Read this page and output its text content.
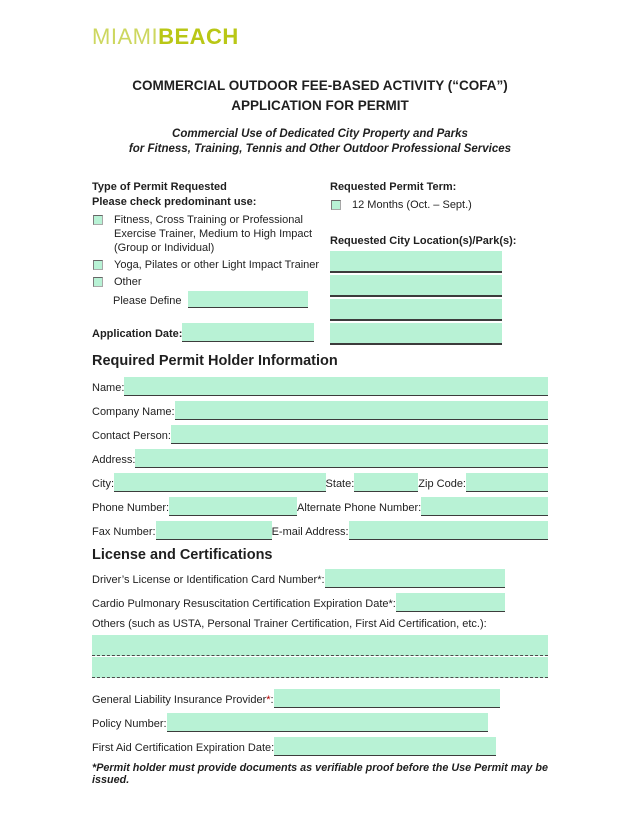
MIAMIBEACH
COMMERCIAL OUTDOOR FEE-BASED ACTIVITY (“COFA”)
APPLICATION FOR PERMIT
Commercial Use of Dedicated City Property and Parks
for Fitness, Training, Tennis and Other Outdoor Professional Services
Type of Permit Requested
Please check predominant use:
Fitness, Cross Training or Professional Exercise Trainer, Medium to High Impact (Group or Individual)
Yoga, Pilates or other Light Impact Trainer
Other
Please Define
Application Date:
Requested Permit Term:
12 Months (Oct. – Sept.)
Requested City Location(s)/Park(s):
Required Permit Holder Information
Name:
Company Name:
Contact Person:
Address:
City:	State:	Zip Code:
Phone Number:	Alternate Phone Number:
Fax Number:	E-mail Address:
License and Certifications
Driver’s License or Identification Card Number*:
Cardio Pulmonary Resuscitation Certification Expiration Date*:
Others (such as USTA, Personal Trainer Certification, First Aid Certification, etc.):
General Liability Insurance Provider*:
Policy Number:
First Aid Certification Expiration Date:
*Permit holder must provide documents as verifiable proof before the Use Permit may be issued.
